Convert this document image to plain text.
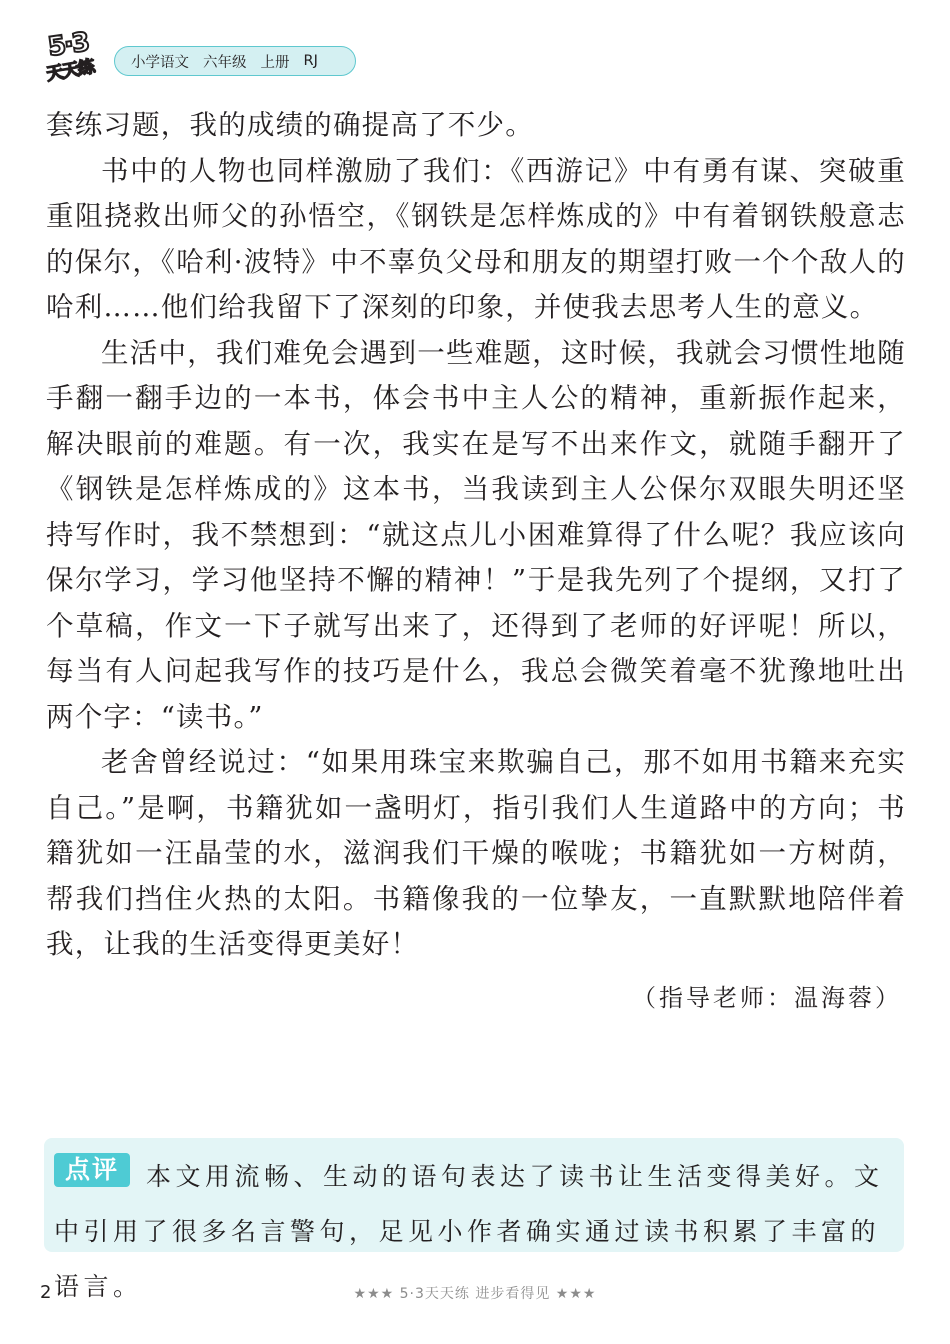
5·3
天天练 小学语文 六年级 上册 RJ

套练习题，我的成绩的确提高了不少。

书中的人物也同样激励了我们：《西游记》中有勇有谋、突破重重阻挠救出师父的孙悟空，《钢铁是怎样炼成的》中有着钢铁般意志的保尔，《哈利·波特》中不辜负父母和朋友的期望打败一个个敌人的哈利……他们给我留下了深刻的印象，并使我去思考人生的意义。

生活中，我们难免会遇到一些难题，这时候，我就会习惯性地随手翻一翻手边的一本书，体会书中主人公的精神，重新振作起来，解决眼前的难题。有一次，我实在是写不出来作文，就随手翻开了《钢铁是怎样炼成的》这本书，当我读到主人公保尔双眼失明还坚持写作时，我不禁想到：“就这点儿小困难算得了什么呢？我应该向保尔学习，学习他坚持不懈的精神！”于是我先列了个提纲，又打了个草稿，作文一下子就写出来了，还得到了老师的好评呢！所以，每当有人问起我写作的技巧是什么，我总会微笑着毫不犹豫地吐出两个字：“读书。”

老舍曾经说过：“如果用珠宝来欺骗自己，那不如用书籍来充实自己。”是啊，书籍犹如一盏明灯，指引我们人生道路中的方向；书籍犹如一汪晶莹的水，滋润我们干燥的喉咙；书籍犹如一方树荫，帮我们挡住火热的太阳。书籍像我的一位挚友，一直默默地陪伴着我，让我的生活变得更美好！

（指导老师：温海蓉）
点评	本文用流畅、生动的语句表达了读书让生活变得美好。文中引用了很多名言警句，足见小作者确实通过读书积累了丰富的语言。
2	★★★ 5·3天天练 进步看得见 ★★★
